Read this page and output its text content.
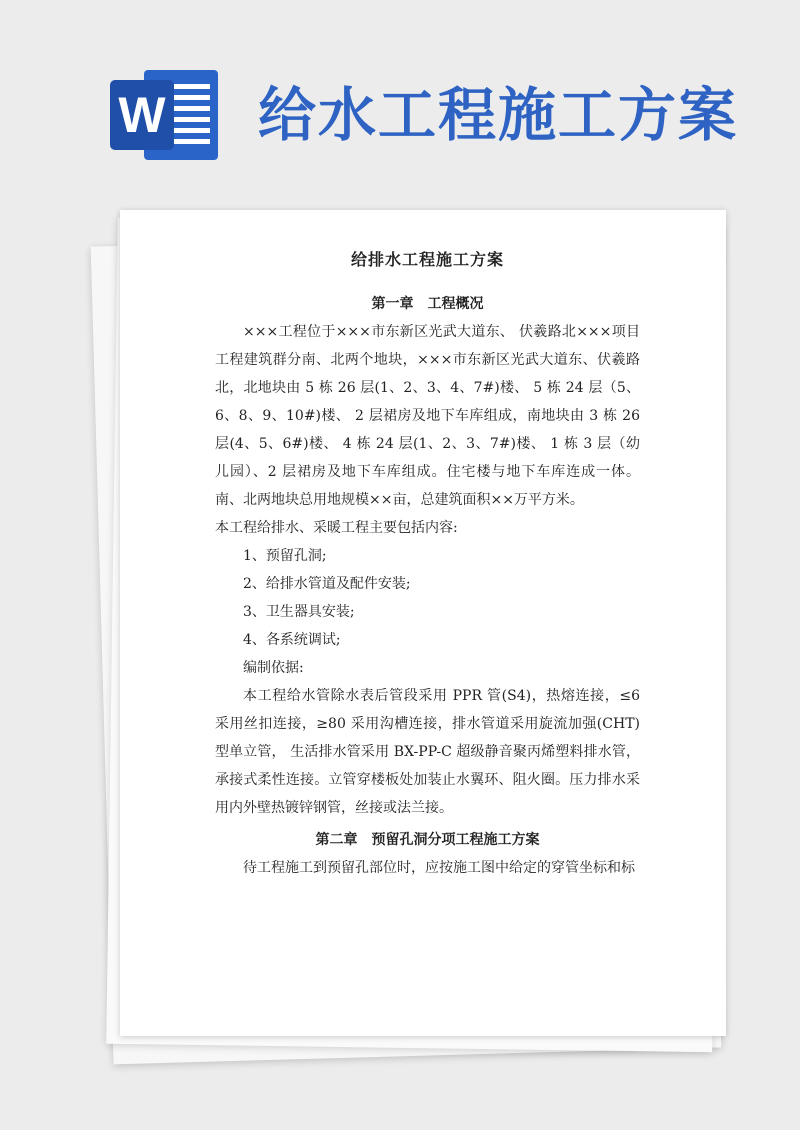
W 给水工程施工方案

给排水工程施工方案

第一章　工程概况

×××工程位于×××市东新区光武大道东、 伏羲路北×××项目工程建筑群分南、北两个地块，×××市东新区光武大道东、伏羲路北，北地块由 5 栋 26 层(1、2、3、4、7#)楼、 5 栋 24 层（5、6、8、9、10#)楼、 2 层裙房及地下车库组成，南地块由 3 栋 26 层(4、5、6#)楼、 4 栋 24 层(1、2、3、7#)楼、 1 栋 3 层（幼儿园）、2 层裙房及地下车库组成。住宅楼与地下车库连成一体。南、北两地块总用地规模××亩，总建筑面积××万平方米。

本工程给排水、采暖工程主要包括内容:

1、预留孔洞;

2、给排水管道及配件安装;

3、卫生器具安装;

4、各系统调试;

编制依据:

本工程给水管除水表后管段采用 PPR 管(S4)，热熔连接，≤6 采用丝扣连接，≥80 采用沟槽连接，排水管道采用旋流加强(CHT)型单立管， 生活排水管采用 BX-PP-C 超级静音聚丙烯塑料排水管， 承接式柔性连接。立管穿楼板处加装止水翼环、阻火圈。压力排水采用内外壁热镀锌钢管，丝接或法兰接。

第二章　预留孔洞分项工程施工方案

待工程施工到预留孔部位时，应按施工图中给定的穿管坐标和标
